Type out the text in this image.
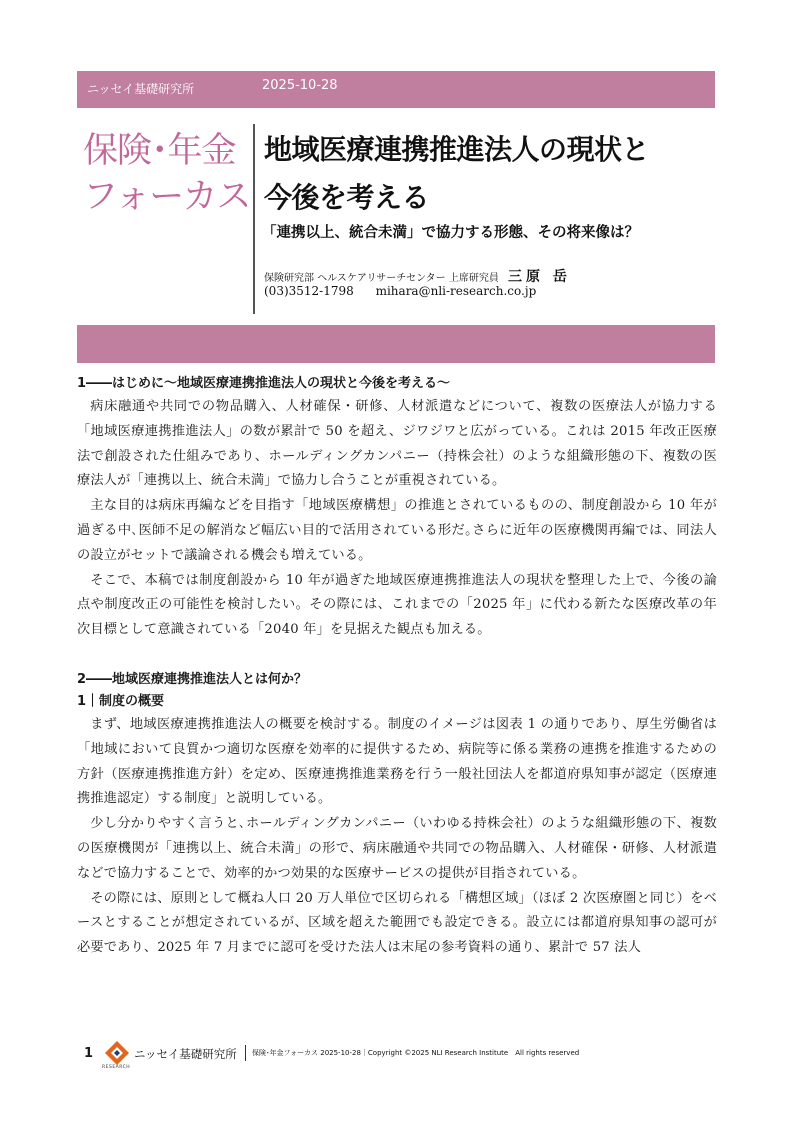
ニッセイ基礎研究所	2025-10-28
保険･年金
フォーカス
地域医療連携推進法人の現状と
今後を考える
「連携以上、統合未満」で協力する形態、その将来像は？
保険研究部 ヘルスケアリサーチセンター 上席研究員 三原 岳
(03)3512-1798 mihara@nli-research.co.jp
1――はじめに～地域医療連携推進法人の現状と今後を考える～

病床融通や共同での物品購入、人材確保・研修、人材派遣などについて、複数の医療法人が協力する「地域医療連携推進法人」の数が累計で 50 を超え、ジワジワと広がっている。これは 2015 年改正医療法で創設された仕組みであり、ホールディングカンパニー（持株会社）のような組織形態の下、複数の医療法人が「連携以上、統合未満」で協力し合うことが重視されている。

主な目的は病床再編などを目指す「地域医療構想」の推進とされているものの、制度創設から 10 年が過ぎる中､医師不足の解消など幅広い目的で活用されている形だ｡さらに近年の医療機関再編では、同法人の設立がセットで議論される機会も増えている。

そこで、本稿では制度創設から 10 年が過ぎた地域医療連携推進法人の現状を整理した上で、今後の論点や制度改正の可能性を検討したい。その際には、これまでの「2025 年」に代わる新たな医療改革の年次目標として意識されている「2040 年」を見据えた観点も加える。

2――地域医療連携推進法人とは何か？
1｜制度の概要

まず、地域医療連携推進法人の概要を検討する。制度のイメージは図表 1 の通りであり、厚生労働省は「地域において良質かつ適切な医療を効率的に提供するため、病院等に係る業務の連携を推進するための方針（医療連携推進方針）を定め、医療連携推進業務を行う一般社団法人を都道府県知事が認定（医療連携推進認定）する制度」と説明している。

少し分かりやすく言うと､ホールディングカンパニー（いわゆる持株会社）のような組織形態の下、複数の医療機関が「連携以上、統合未満」の形で、病床融通や共同での物品購入、人材確保・研修、人材派遣などで協力することで、効率的かつ効果的な医療サービスの提供が目指されている。

その際には、原則として概ね人口 20 万人単位で区切られる「構想区域」（ほぼ 2 次医療圏と同じ）をベースとすることが想定されているが、区域を超えた範囲でも設定できる。設立には都道府県知事の認可が必要であり、2025 年 7 月までに認可を受けた法人は末尾の参考資料の通り、累計で 57 法人

1
RESEARCH
ニッセイ基礎研究所 保険･年金フォーカス 2025-10-28｜Copyright ©2025 NLI Research Institute　All rights reserved
